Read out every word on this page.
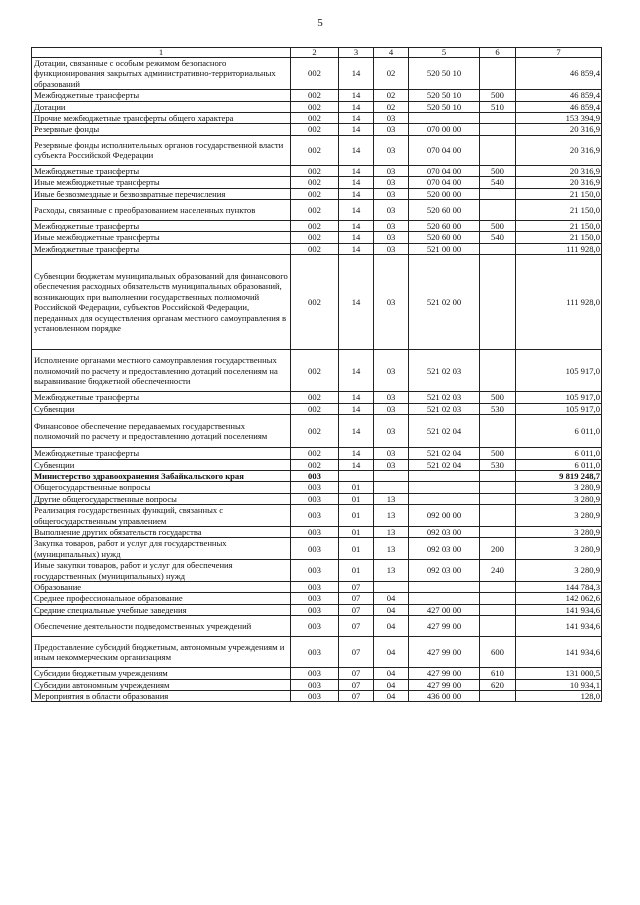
5
1	2	3	4	5	6	7
Дотации, связанные с особым режимом безопасного функционирования закрытых административно-территориальных образований	002	14	02	520 50 10		46 859,4
Межбюджетные трансферты	002	14	02	520 50 10	500	46 859,4
Дотации	002	14	02	520 50 10	510	46 859,4
Прочие межбюджетные трансферты общего характера	002	14	03			153 394,9
Резервные фонды	002	14	03	070 00 00		20 316,9
Резервные фонды исполнительных органов государственной власти субъекта Российской Федерации	002	14	03	070 04 00		20 316,9
Межбюджетные трансферты	002	14	03	070 04 00	500	20 316,9
Иные межбюджетные трансферты	002	14	03	070 04 00	540	20 316,9
Иные безвозмездные и безвозвратные перечисления	002	14	03	520 00 00		21 150,0
Расходы, связанные с преобразованием населенных пунктов	002	14	03	520 60 00		21 150,0
Межбюджетные трансферты	002	14	03	520 60 00	500	21 150,0
Иные межбюджетные трансферты	002	14	03	520 60 00	540	21 150,0
Межбюджетные трансферты	002	14	03	521 00 00		111 928,0
Субвенции бюджетам муниципальных образований для финансового обеспечения расходных обязательств муниципальных образований, возникающих при выполнении государственных полномочий Российской Федерации, субъектов Российской Федерации, переданных для осуществления органам местного самоуправления в установленном порядке	002	14	03	521 02 00		111 928,0
Исполнение органами местного самоуправления государственных полномочий по расчету и предоставлению дотаций поселениям на выравнивание бюджетной обеспеченности	002	14	03	521 02 03		105 917,0
Межбюджетные трансферты	002	14	03	521 02 03	500	105 917,0
Субвенции	002	14	03	521 02 03	530	105 917,0
Финансовое обеспечение передаваемых государственных полномочий по расчету и предоставлению дотаций поселениям	002	14	03	521 02 04		6 011,0
Межбюджетные трансферты	002	14	03	521 02 04	500	6 011,0
Субвенции	002	14	03	521 02 04	530	6 011,0
Министерство здравоохранения Забайкальского края	003					9 819 248,7
Общегосударственные вопросы	003	01				3 280,9
Другие общегосударственные вопросы	003	01	13			3 280,9
Реализация государственных функций, связанных с общегосударственным управлением	003	01	13	092 00 00		3 280,9
Выполнение других обязательств государства	003	01	13	092 03 00		3 280,9
Закупка товаров, работ и услуг для государственных (муниципальных) нужд	003	01	13	092 03 00	200	3 280,9
Иные закупки товаров, работ и услуг для обеспечения государственных (муниципальных) нужд	003	01	13	092 03 00	240	3 280,9
Образование	003	07				144 784,3
Среднее профессиональное образование	003	07	04			142 062,6
Средние специальные учебные заведения	003	07	04	427 00 00		141 934,6
Обеспечение деятельности подведомственных учреждений	003	07	04	427 99 00		141 934,6
Предоставление субсидий бюджетным, автономным учреждениям и иным некоммерческим организациям	003	07	04	427 99 00	600	141 934,6
Субсидии бюджетным учреждениям	003	07	04	427 99 00	610	131 000,5
Субсидии автономным учреждениям	003	07	04	427 99 00	620	10 934,1
Мероприятия в области образования	003	07	04	436 00 00		128,0
